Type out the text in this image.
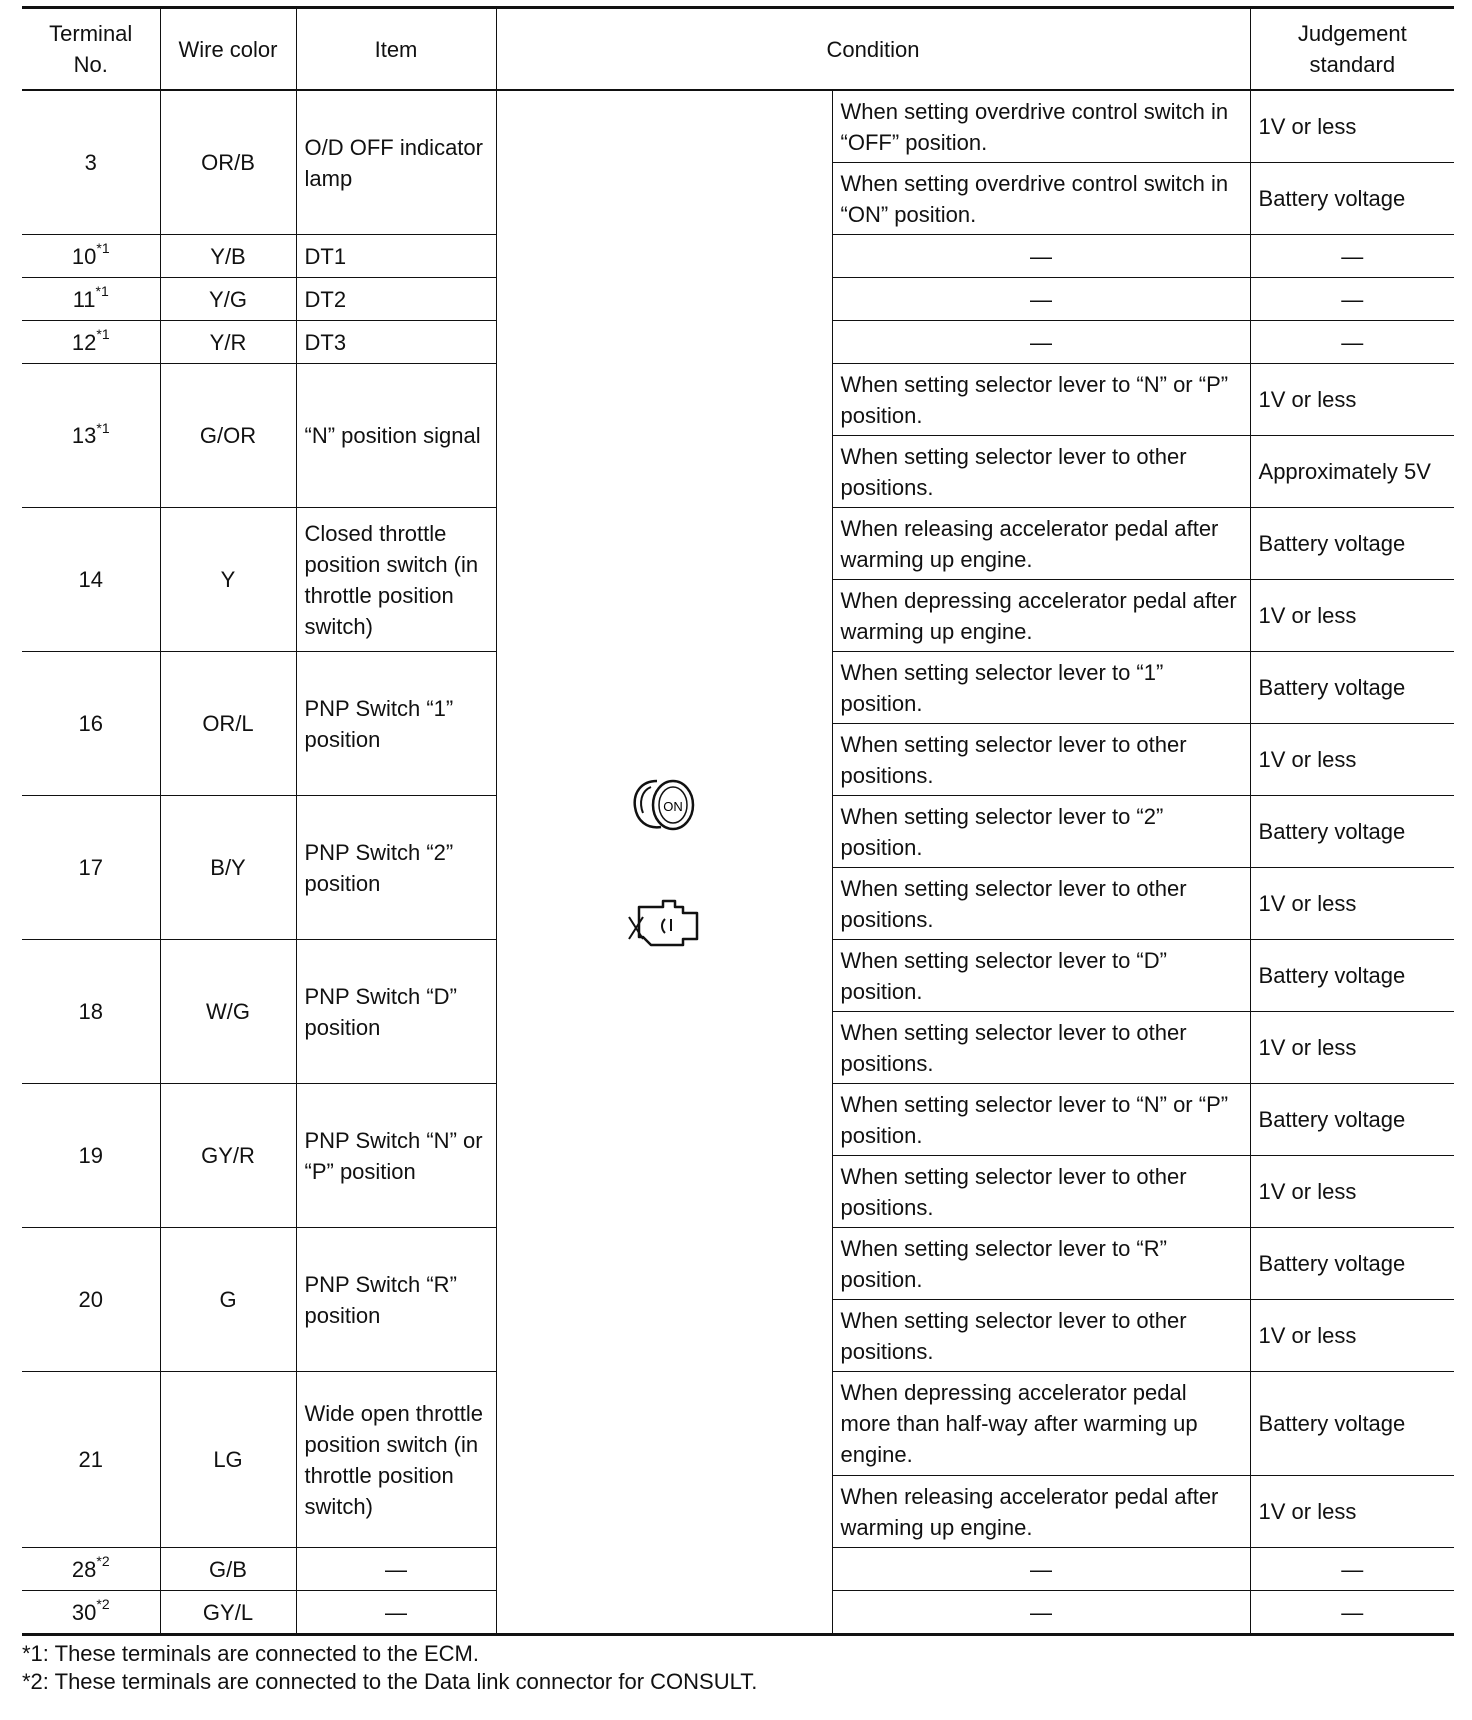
Terminal No.	Wire color	Item	Condition		Judgement standard
3	OR/B	O/D OFF indicator lamp	ON	When setting overdrive control switch in “OFF” position.	1V or less
				When setting overdrive control switch in “ON” position.	Battery voltage
10$^{*1}$	Y/B	DT1		—	—
11$^{*1}$	Y/G	DT2		—	—
12$^{*1}$	Y/R	DT3		—	—
13$^{*1}$	G/OR	“N” position signal		When setting selector lever to “N” or “P” position.	1V or less
				When setting selector lever to other positions.	Approximately 5V
14	Y	Closed throttle position switch (in throttle position switch)		When releasing accelerator pedal after warming up engine.	Battery voltage
				When depressing accelerator pedal after warming up engine.	1V or less
16	OR/L	PNP Switch “1” position		When setting selector lever to “1” position.	Battery voltage
				When setting selector lever to other positions.	1V or less
17	B/Y	PNP Switch “2” position		When setting selector lever to “2” position.	Battery voltage
				When setting selector lever to other positions.	1V or less
18	W/G	PNP Switch “D” position		When setting selector lever to “D” position.	Battery voltage
				When setting selector lever to other positions.	1V or less
19	GY/R	PNP Switch “N” or “P” position		When setting selector lever to “N” or “P” position.	Battery voltage
				When setting selector lever to other positions.	1V or less
20	G	PNP Switch “R” position		When setting selector lever to “R” position.	Battery voltage
				When setting selector lever to other positions.	1V or less
21	LG	Wide open throttle position switch (in throttle position switch)		When depressing accelerator pedal more than half-way after warming up engine.	Battery voltage
				When releasing accelerator pedal after warming up engine.	1V or less
28$^{*2}$	G/B	—		—	—
30$^{*2}$	GY/L	—		—	—
*1: These terminals are connected to the ECM.
*2: These terminals are connected to the Data link connector for CONSULT.
